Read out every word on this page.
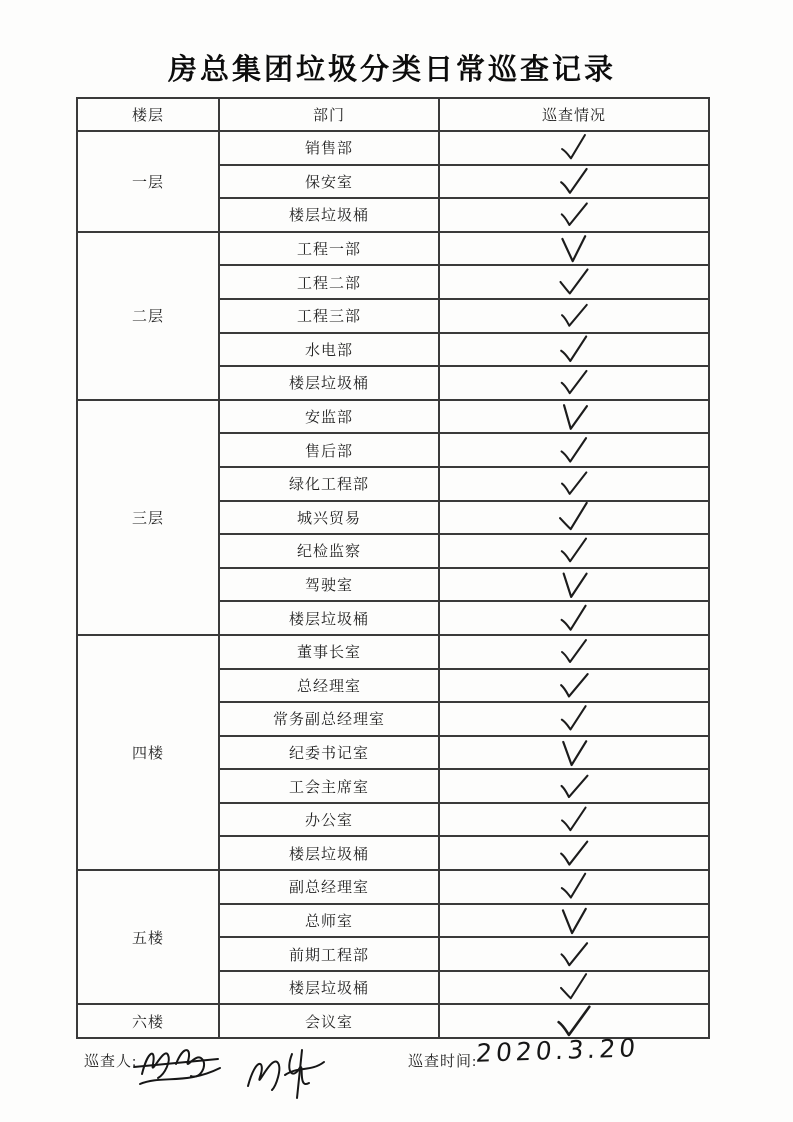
房总集团垃圾分类日常巡查记录
楼层	部门	巡查情况
一层	销售部	
	保安室	
	楼层垃圾桶	
二层	工程一部	
	工程二部	
	工程三部	
	水电部	
	楼层垃圾桶	
三层	安监部	
	售后部	
	绿化工程部	
	城兴贸易	
	纪检监察	
	驾驶室	
	楼层垃圾桶	
四楼	董事长室	
	总经理室	
	常务副总经理室	
	纪委书记室	
	工会主席室	
	办公室	
	楼层垃圾桶	
五楼	副总经理室	
	总师室	
	前期工程部	
	楼层垃圾桶	
六楼	会议室	
巡查人:	巡查时间:
2020.3.20
